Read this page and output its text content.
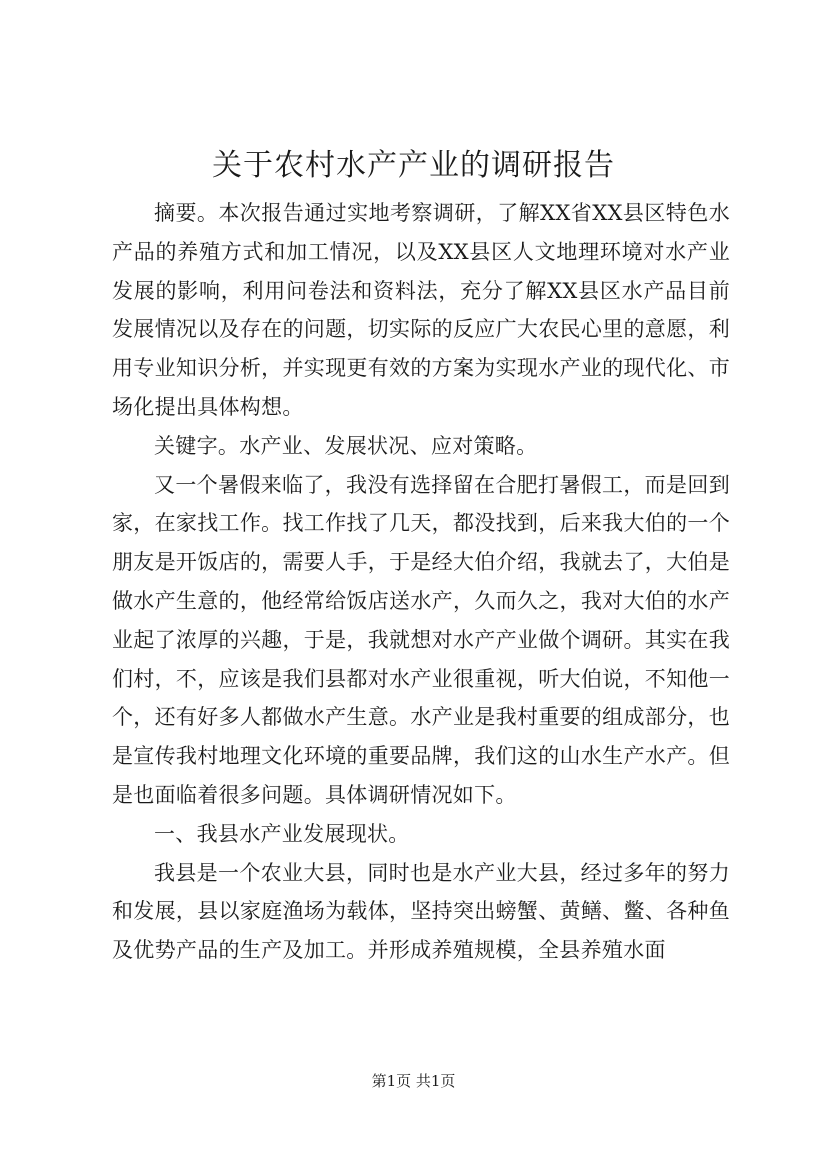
关于农村水产产业的调研报告

摘要。本次报告通过实地考察调研，了解XX省XX县区特色水产品的养殖方式和加工情况，以及XX县区人文地理环境对水产业发展的影响，利用问卷法和资料法，充分了解XX县区水产品目前发展情况以及存在的问题，切实际的反应广大农民心里的意愿，利用专业知识分析，并实现更有效的方案为实现水产业的现代化、市场化提出具体构想。

关键字。水产业、发展状况、应对策略。

又一个暑假来临了，我没有选择留在合肥打暑假工，而是回到家，在家找工作。找工作找了几天，都没找到，后来我大伯的一个朋友是开饭店的，需要人手，于是经大伯介绍，我就去了，大伯是做水产生意的，他经常给饭店送水产，久而久之，我对大伯的水产业起了浓厚的兴趣，于是，我就想对水产产业做个调研。其实在我们村，不，应该是我们县都对水产业很重视，听大伯说，不知他一个，还有好多人都做水产生意。水产业是我村重要的组成部分，也是宣传我村地理文化环境的重要品牌，我们这的山水生产水产。但是也面临着很多问题。具体调研情况如下。

一、我县水产业发展现状。

我县是一个农业大县，同时也是水产业大县，经过多年的努力和发展，县以家庭渔场为载体，坚持突出螃蟹、黄鳝、鳖、各种鱼及优势产品的生产及加工。并形成养殖规模，全县养殖水面

第1页 共1页
